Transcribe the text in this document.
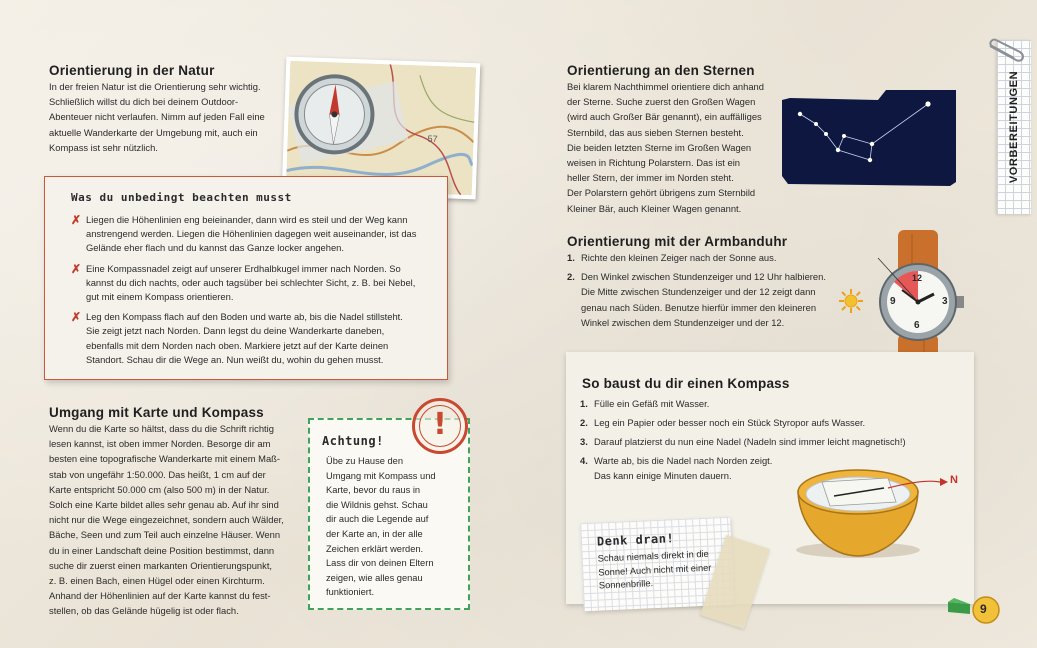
Orientierung in der Natur
In der freien Natur ist die Orientierung sehr wichtig.
Schließlich willst du dich bei deinem Outdoor-
Abenteuer nicht verlaufen. Nimm auf jeden Fall eine
aktuelle Wanderkarte der Umgebung mit, auch ein
Kompass ist sehr nützlich.
57
Was du unbedingt beachten musst
✗ Liegen die Höhenlinien eng beieinander, dann wird es steil und der Weg kann
anstrengend werden. Liegen die Höhenlinien dagegen weit auseinander, ist das
Gelände eher flach und du kannst das Ganze locker angehen.
✗ Eine Kompassnadel zeigt auf unserer Erdhalbkugel immer nach Norden. So
kannst du dich nachts, oder auch tagsüber bei schlechter Sicht, z. B. bei Nebel,
gut mit einem Kompass orientieren.
✗ Leg den Kompass flach auf den Boden und warte ab, bis die Nadel stillsteht.
Sie zeigt jetzt nach Norden. Dann legst du deine Wanderkarte daneben,
ebenfalls mit dem Norden nach oben. Markiere jetzt auf der Karte deinen
Standort. Schau dir die Wege an. Nun weißt du, wohin du gehen musst.
Umgang mit Karte und Kompass
Wenn du die Karte so hältst, dass du die Schrift richtig
lesen kannst, ist oben immer Norden. Besorge dir am
besten eine topografische Wanderkarte mit einem Maß-
stab von ungefähr 1:50.000. Das heißt, 1 cm auf der
Karte entspricht 50.000 cm (also 500 m) in der Natur.
Solch eine Karte bildet alles sehr genau ab. Auf ihr sind
nicht nur die Wege eingezeichnet, sondern auch Wälder,
Bäche, Seen und zum Teil auch einzelne Häuser. Wenn
du in einer Landschaft deine Position bestimmst, dann
suche dir zuerst einen markanten Orientierungspunkt,
z. B. einen Bach, einen Hügel oder einen Kirchturm.
Anhand der Höhenlinien auf der Karte kannst du fest-
stellen, ob das Gelände hügelig ist oder flach.
Achtung!
Übe zu Hause den
Umgang mit Kompass und
Karte, bevor du raus in
die Wildnis gehst. Schau
dir auch die Legende auf
der Karte an, in der alle
Zeichen erklärt werden.
Lass dir von deinen Eltern
zeigen, wie alles genau
funktioniert.
!
Orientierung an den Sternen
Bei klarem Nachthimmel orientiere dich anhand
der Sterne. Suche zuerst den Großen Wagen
(wird auch Großer Bär genannt), ein auffälliges
Sternbild, das aus sieben Sternen besteht.
Die beiden letzten Sterne im Großen Wagen
weisen in Richtung Polarstern. Das ist ein
heller Stern, der immer im Norden steht.
Der Polarstern gehört übrigens zum Sternbild
Kleiner Bär, auch Kleiner Wagen genannt.
Orientierung mit der Armbanduhr
1. Richte den kleinen Zeiger nach der Sonne aus.
2. Den Winkel zwischen Stundenzeiger und 12 Uhr halbieren.
Die Mitte zwischen Stundenzeiger und der 12 zeigt dann
genau nach Süden. Benutze hierfür immer den kleineren
Winkel zwischen dem Stundenzeiger und der 12.
12
3
6
9
So baust du dir einen Kompass
1. Fülle ein Gefäß mit Wasser.
2. Leg ein Papier oder besser noch ein Stück Styropor aufs Wasser.
3. Darauf platzierst du nun eine Nadel (Nadeln sind immer leicht magnetisch!)
4. Warte ab, bis die Nadel nach Norden zeigt.
Das kann einige Minuten dauern.	N
Denk dran!
Schau niemals direkt in die
Sonne! Auch nicht mit einer
Sonnenbrille.
VORBEREITUNGEN
9
